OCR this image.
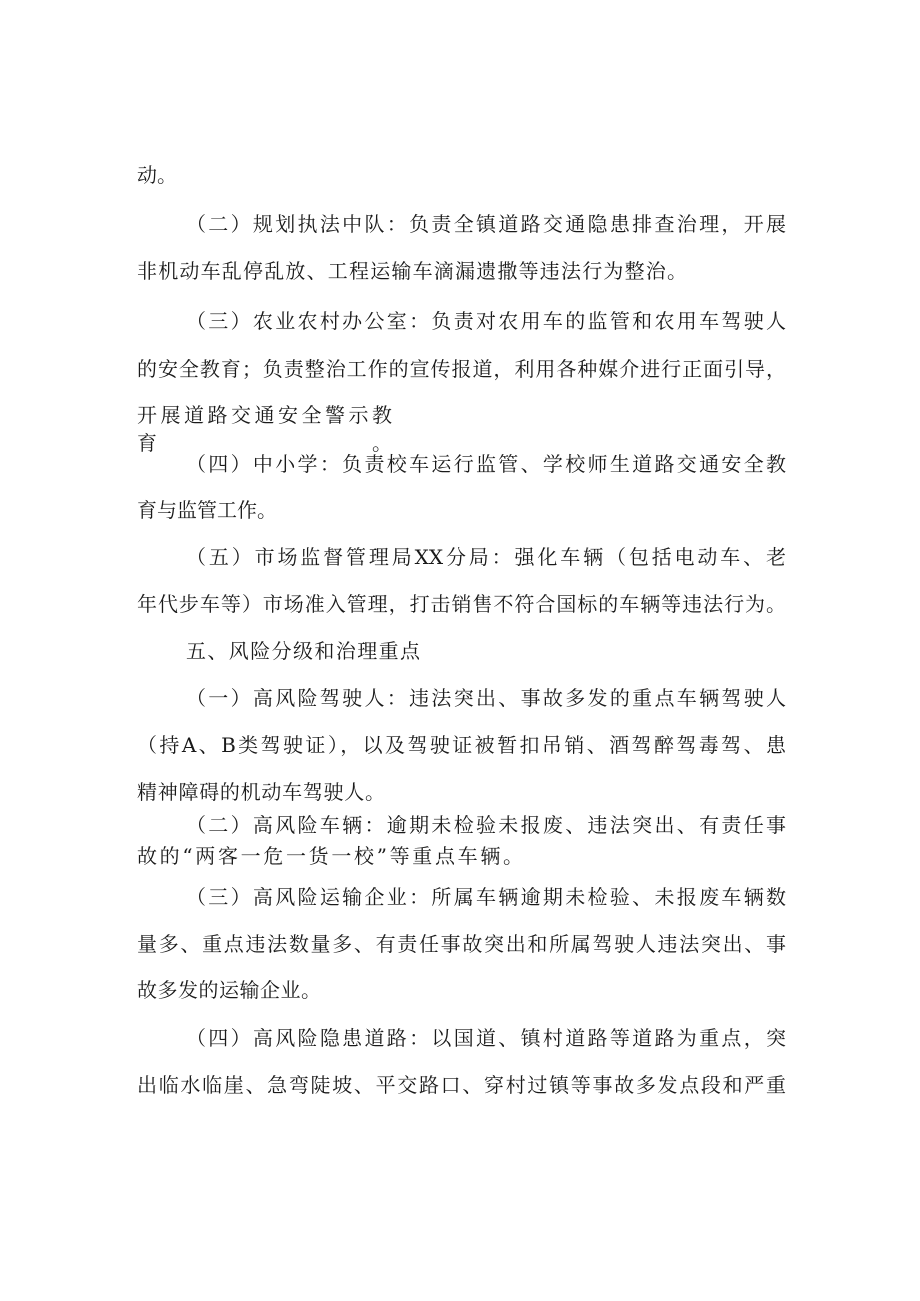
动。
（二）规划执法中队：负责全镇道路交通隐患排查治理，开展
非机动车乱停乱放、工程运输车滴漏遗撒等违法行为整治。
（三）农业农村办公室：负责对农用车的监管和农用车驾驶人
的安全教育；负责整治工作的宣传报道，利用各种媒介进行正面引导，
开展道路交通安全警示教育。
（四）中小学：负责校车运行监管、学校师生道路交通安全教
育与监管工作。
（五）市场监督管理局XX分局：强化车辆（包括电动车、老
年代步车等）市场准入管理，打击销售不符合国标的车辆等违法行为。
五、风险分级和治理重点
（一）高风险驾驶人：违法突出、事故多发的重点车辆驾驶人
（持A、B类驾驶证），以及驾驶证被暂扣吊销、酒驾醉驾毒驾、患
精神障碍的机动车驾驶人。
（二）高风险车辆：逾期未检验未报废、违法突出、有责任事
故的“两客一危一货一校”等重点车辆。
（三）高风险运输企业：所属车辆逾期未检验、未报废车辆数
量多、重点违法数量多、有责任事故突出和所属驾驶人违法突出、事
故多发的运输企业。
（四）高风险隐患道路：以国道、镇村道路等道路为重点，突
出临水临崖、急弯陡坡、平交路口、穿村过镇等事故多发点段和严重
